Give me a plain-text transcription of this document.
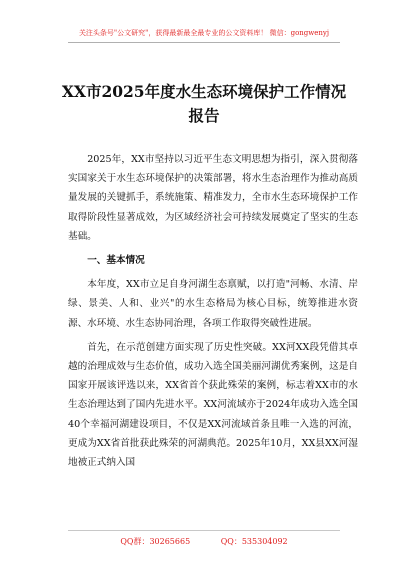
关注头条号"公文研究"，获得最新最全最专业的公文资料库！ 微信：gongwenyj
XX市2025年度水生态环境保护工作情况
报告

2025年，XX市坚持以习近平生态文明思想为指引，深入贯彻落实国家关于水生态环境保护的决策部署，将水生态治理作为推动高质量发展的关键抓手，系统施策、精准发力，全市水生态环境保护工作取得阶段性显著成效，为区域经济社会可持续发展奠定了坚实的生态基础。

一、基本情况

本年度，XX市立足自身河湖生态禀赋，以打造"河畅、水清、岸绿、景美、人和、业兴"的水生态格局为核心目标，统筹推进水资源、水环境、水生态协同治理，各项工作取得突破性进展。

首先，在示范创建方面实现了历史性突破。XX河XX段凭借其卓越的治理成效与生态价值，成功入选全国美丽河湖优秀案例，这是自国家开展该评选以来，XX省首个获此殊荣的案例，标志着XX市的水生态治理达到了国内先进水平。XX河流域亦于2024年成功入选全国40个幸福河湖建设项目，不仅是XX河流域首条且唯一入选的河流，更成为XX省首批获此殊荣的河湖典范。2025年10月，XX县XX河湿地被正式纳入国

QQ群：30265665	QQ：535304092
